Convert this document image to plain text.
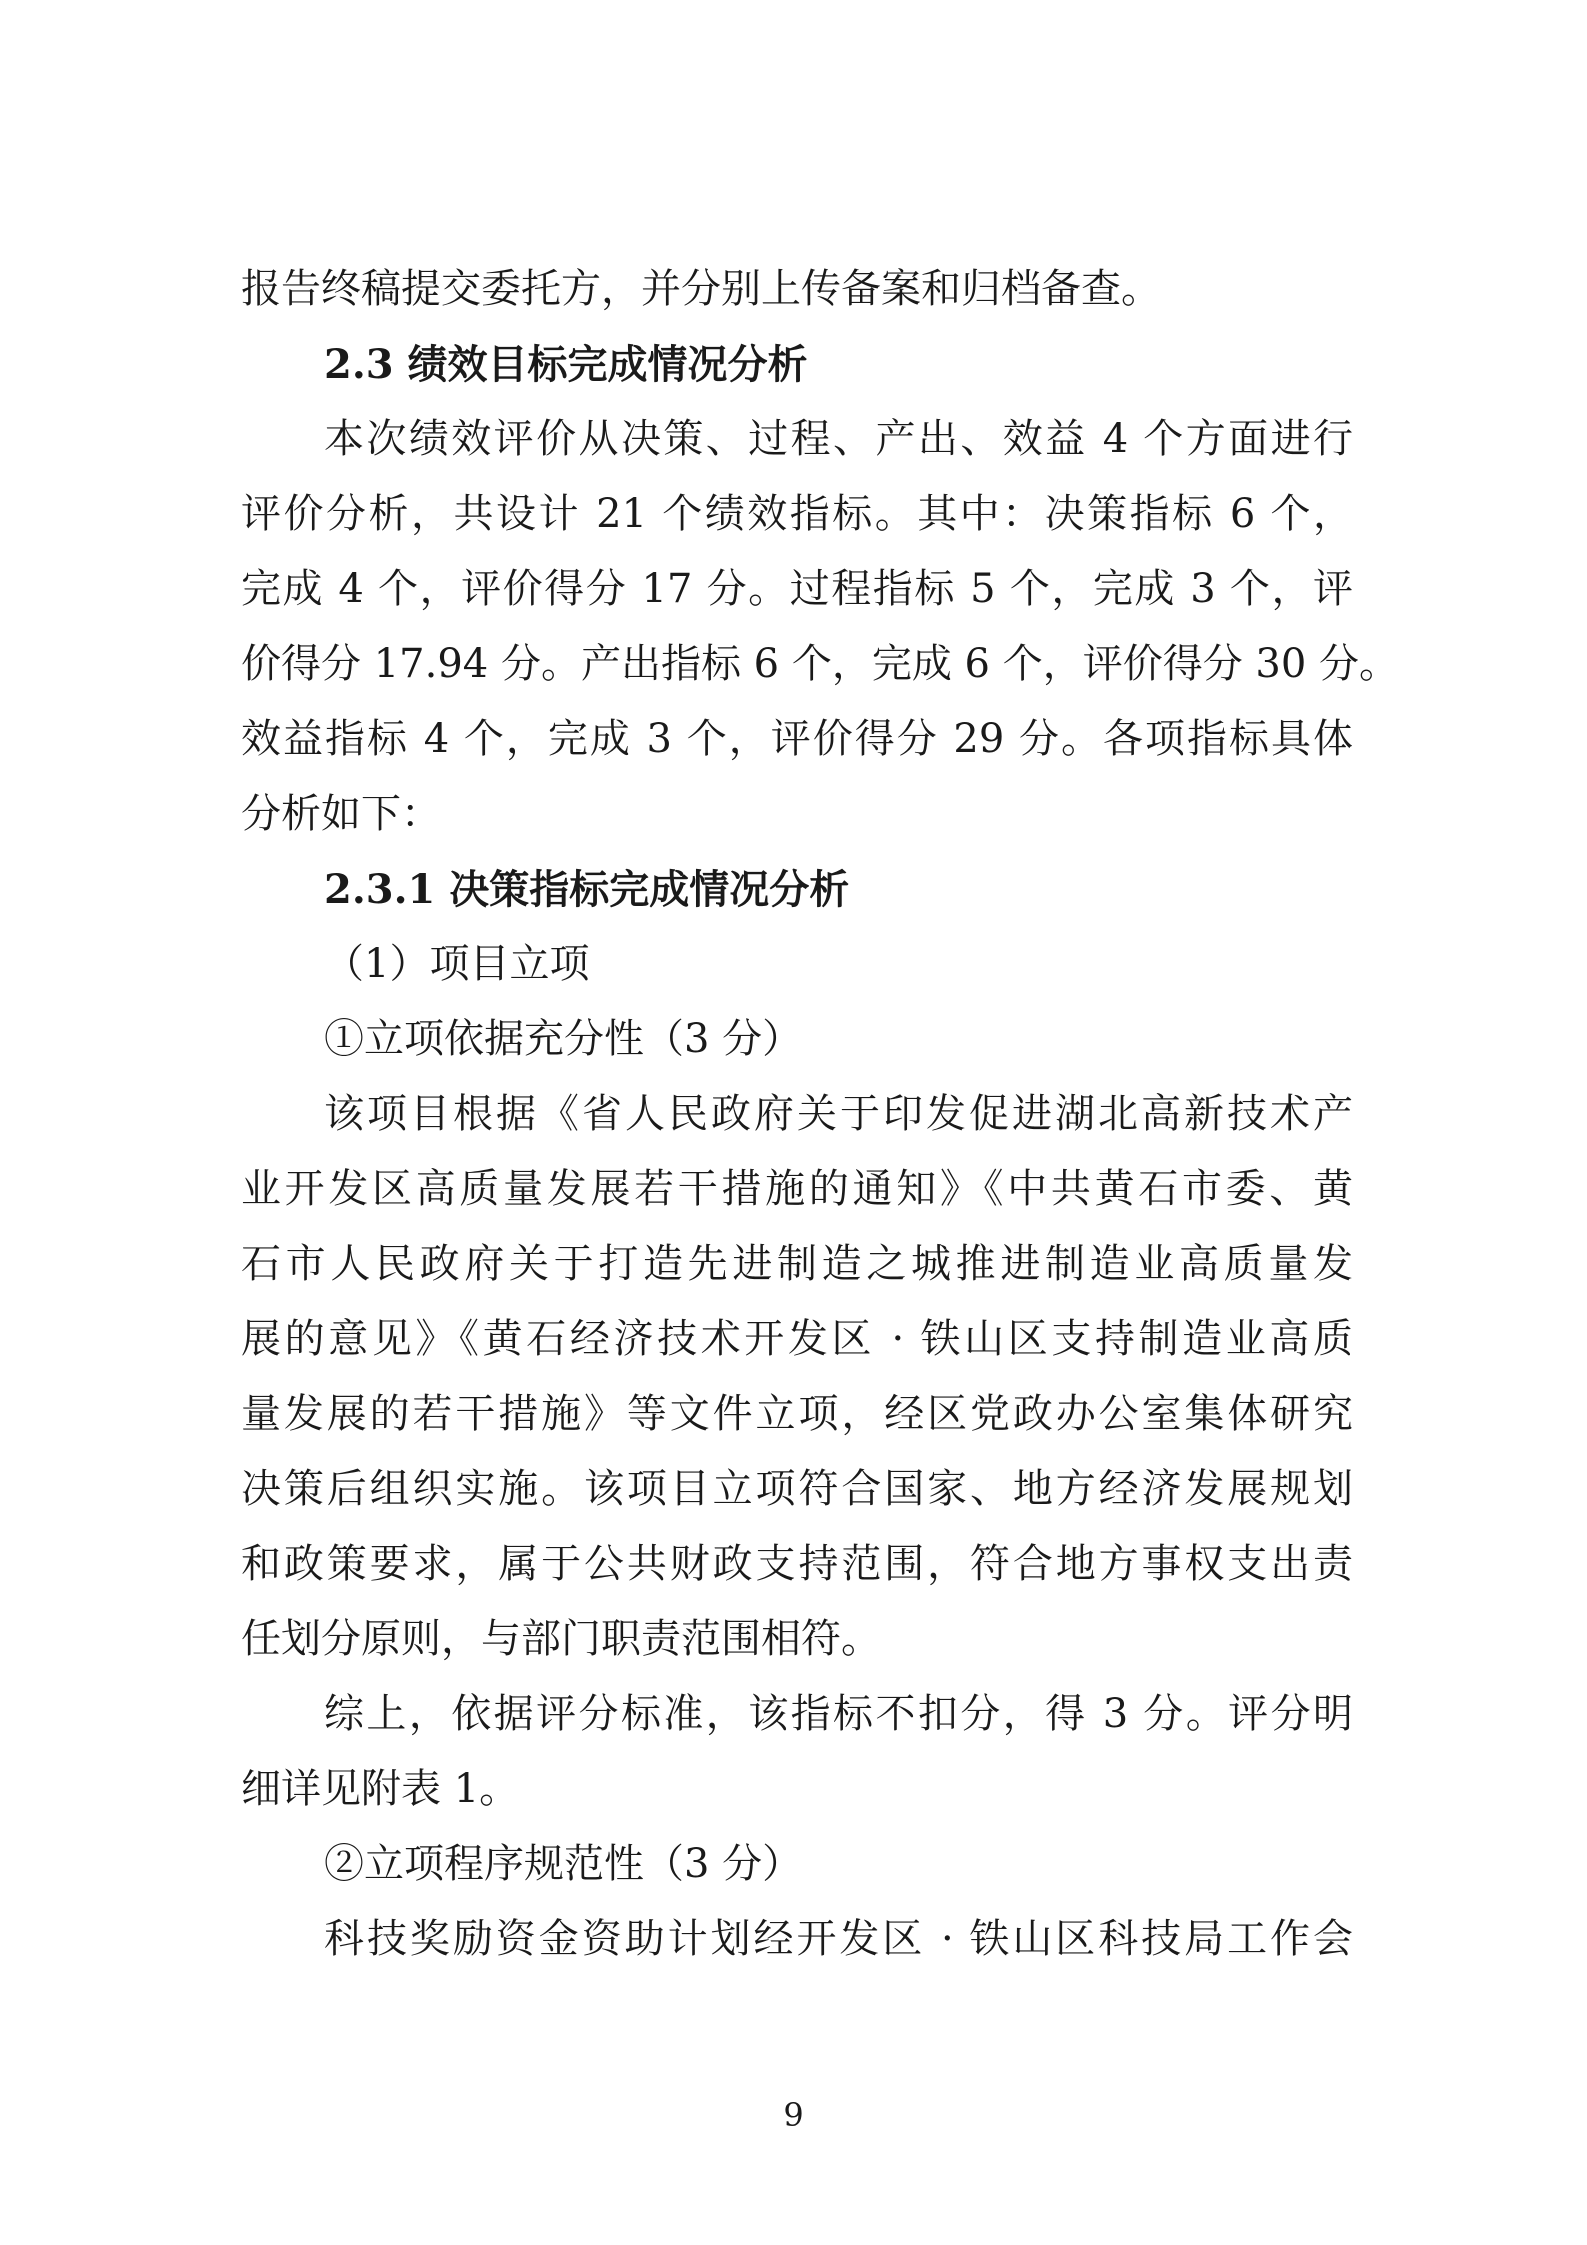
报告终稿提交委托方，并分别上传备案和归档备查。
2.3 绩效目标完成情况分析
本次绩效评价从决策、过程、产出、效益 4 个方面进行
评价分析，共设计 21 个绩效指标。其中：决策指标 6 个，
完成 4 个，评价得分 17 分。过程指标 5 个，完成 3 个，评
价得分 17.94 分。产出指标 6 个，完成 6 个，评价得分 30 分。
效益指标 4 个，完成 3 个，评价得分 29 分。各项指标具体
分析如下：
2.3.1 决策指标完成情况分析
（1）项目立项
①立项依据充分性（3 分）
该项目根据《省人民政府关于印发促进湖北高新技术产
业开发区高质量发展若干措施的通知》《中共黄石市委、黄
石市人民政府关于打造先进制造之城推进制造业高质量发
展的意见》《黄石经济技术开发区 · 铁山区支持制造业高质
量发展的若干措施》等文件立项，经区党政办公室集体研究
决策后组织实施。该项目立项符合国家、地方经济发展规划
和政策要求，属于公共财政支持范围，符合地方事权支出责
任划分原则，与部门职责范围相符。
综上，依据评分标准，该指标不扣分，得 3 分。评分明
细详见附表 1。
②立项程序规范性（3 分）
科技奖励资金资助计划经开发区 · 铁山区科技局工作会
9
